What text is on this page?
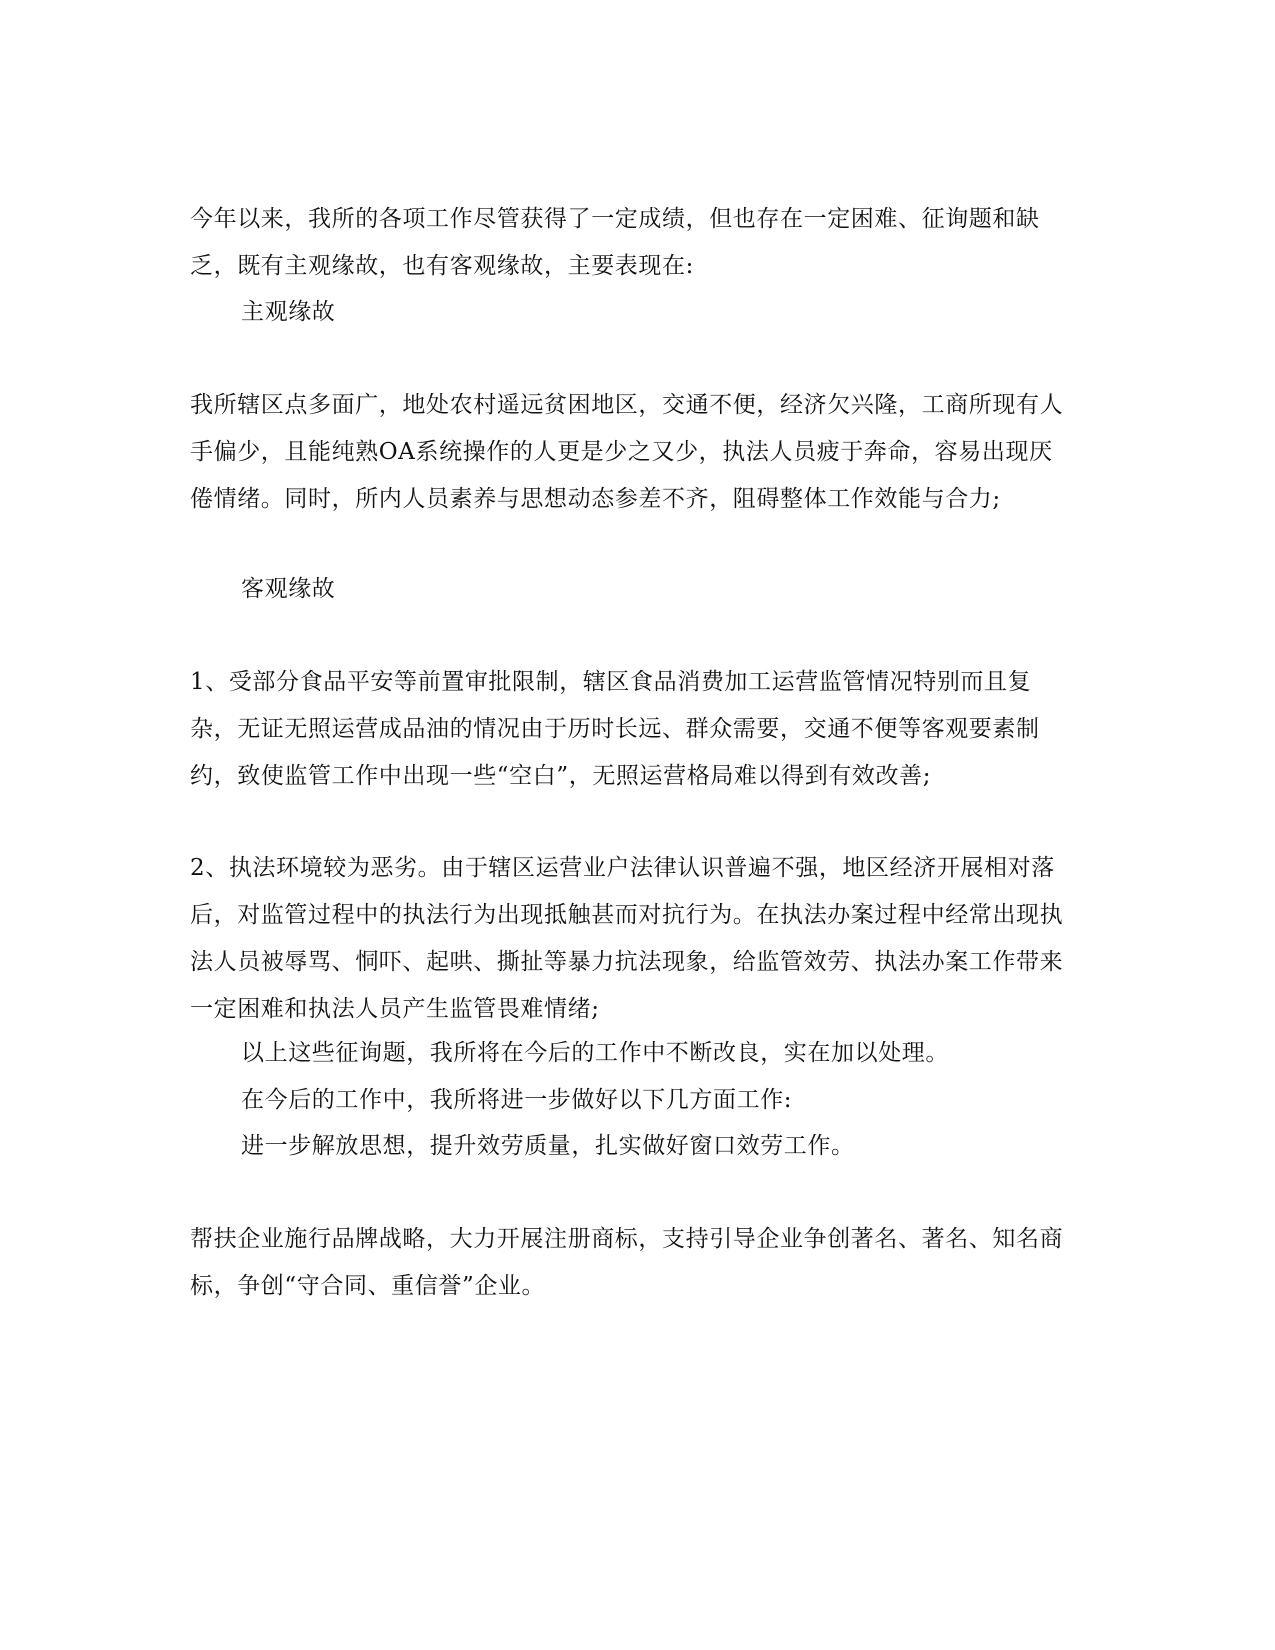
今年以来，我所的各项工作尽管获得了一定成绩，但也存在一定困难、征询题和缺乏，既有主观缘故，也有客观缘故，主要表现在:

主观缘故

我所辖区点多面广，地处农村遥远贫困地区，交通不便，经济欠兴隆，工商所现有人手偏少，且能纯熟OA系统操作的人更是少之又少，执法人员疲于奔命，容易出现厌倦情绪。同时，所内人员素养与思想动态参差不齐，阻碍整体工作效能与合力;

客观缘故

1、受部分食品平安等前置审批限制，辖区食品消费加工运营监管情况特别而且复杂，无证无照运营成品油的情况由于历时长远、群众需要，交通不便等客观要素制约，致使监管工作中出现一些“空白”，无照运营格局难以得到有效改善;

2、执法环境较为恶劣。由于辖区运营业户法律认识普遍不强，地区经济开展相对落后，对监管过程中的执法行为出现抵触甚而对抗行为。在执法办案过程中经常出现执法人员被辱骂、恫吓、起哄、撕扯等暴力抗法现象，给监管效劳、执法办案工作带来一定困难和执法人员产生监管畏难情绪;

以上这些征询题，我所将在今后的工作中不断改良，实在加以处理。

在今后的工作中，我所将进一步做好以下几方面工作:

进一步解放思想，提升效劳质量，扎实做好窗口效劳工作。

帮扶企业施行品牌战略，大力开展注册商标，支持引导企业争创著名、著名、知名商标，争创“守合同、重信誉”企业。
